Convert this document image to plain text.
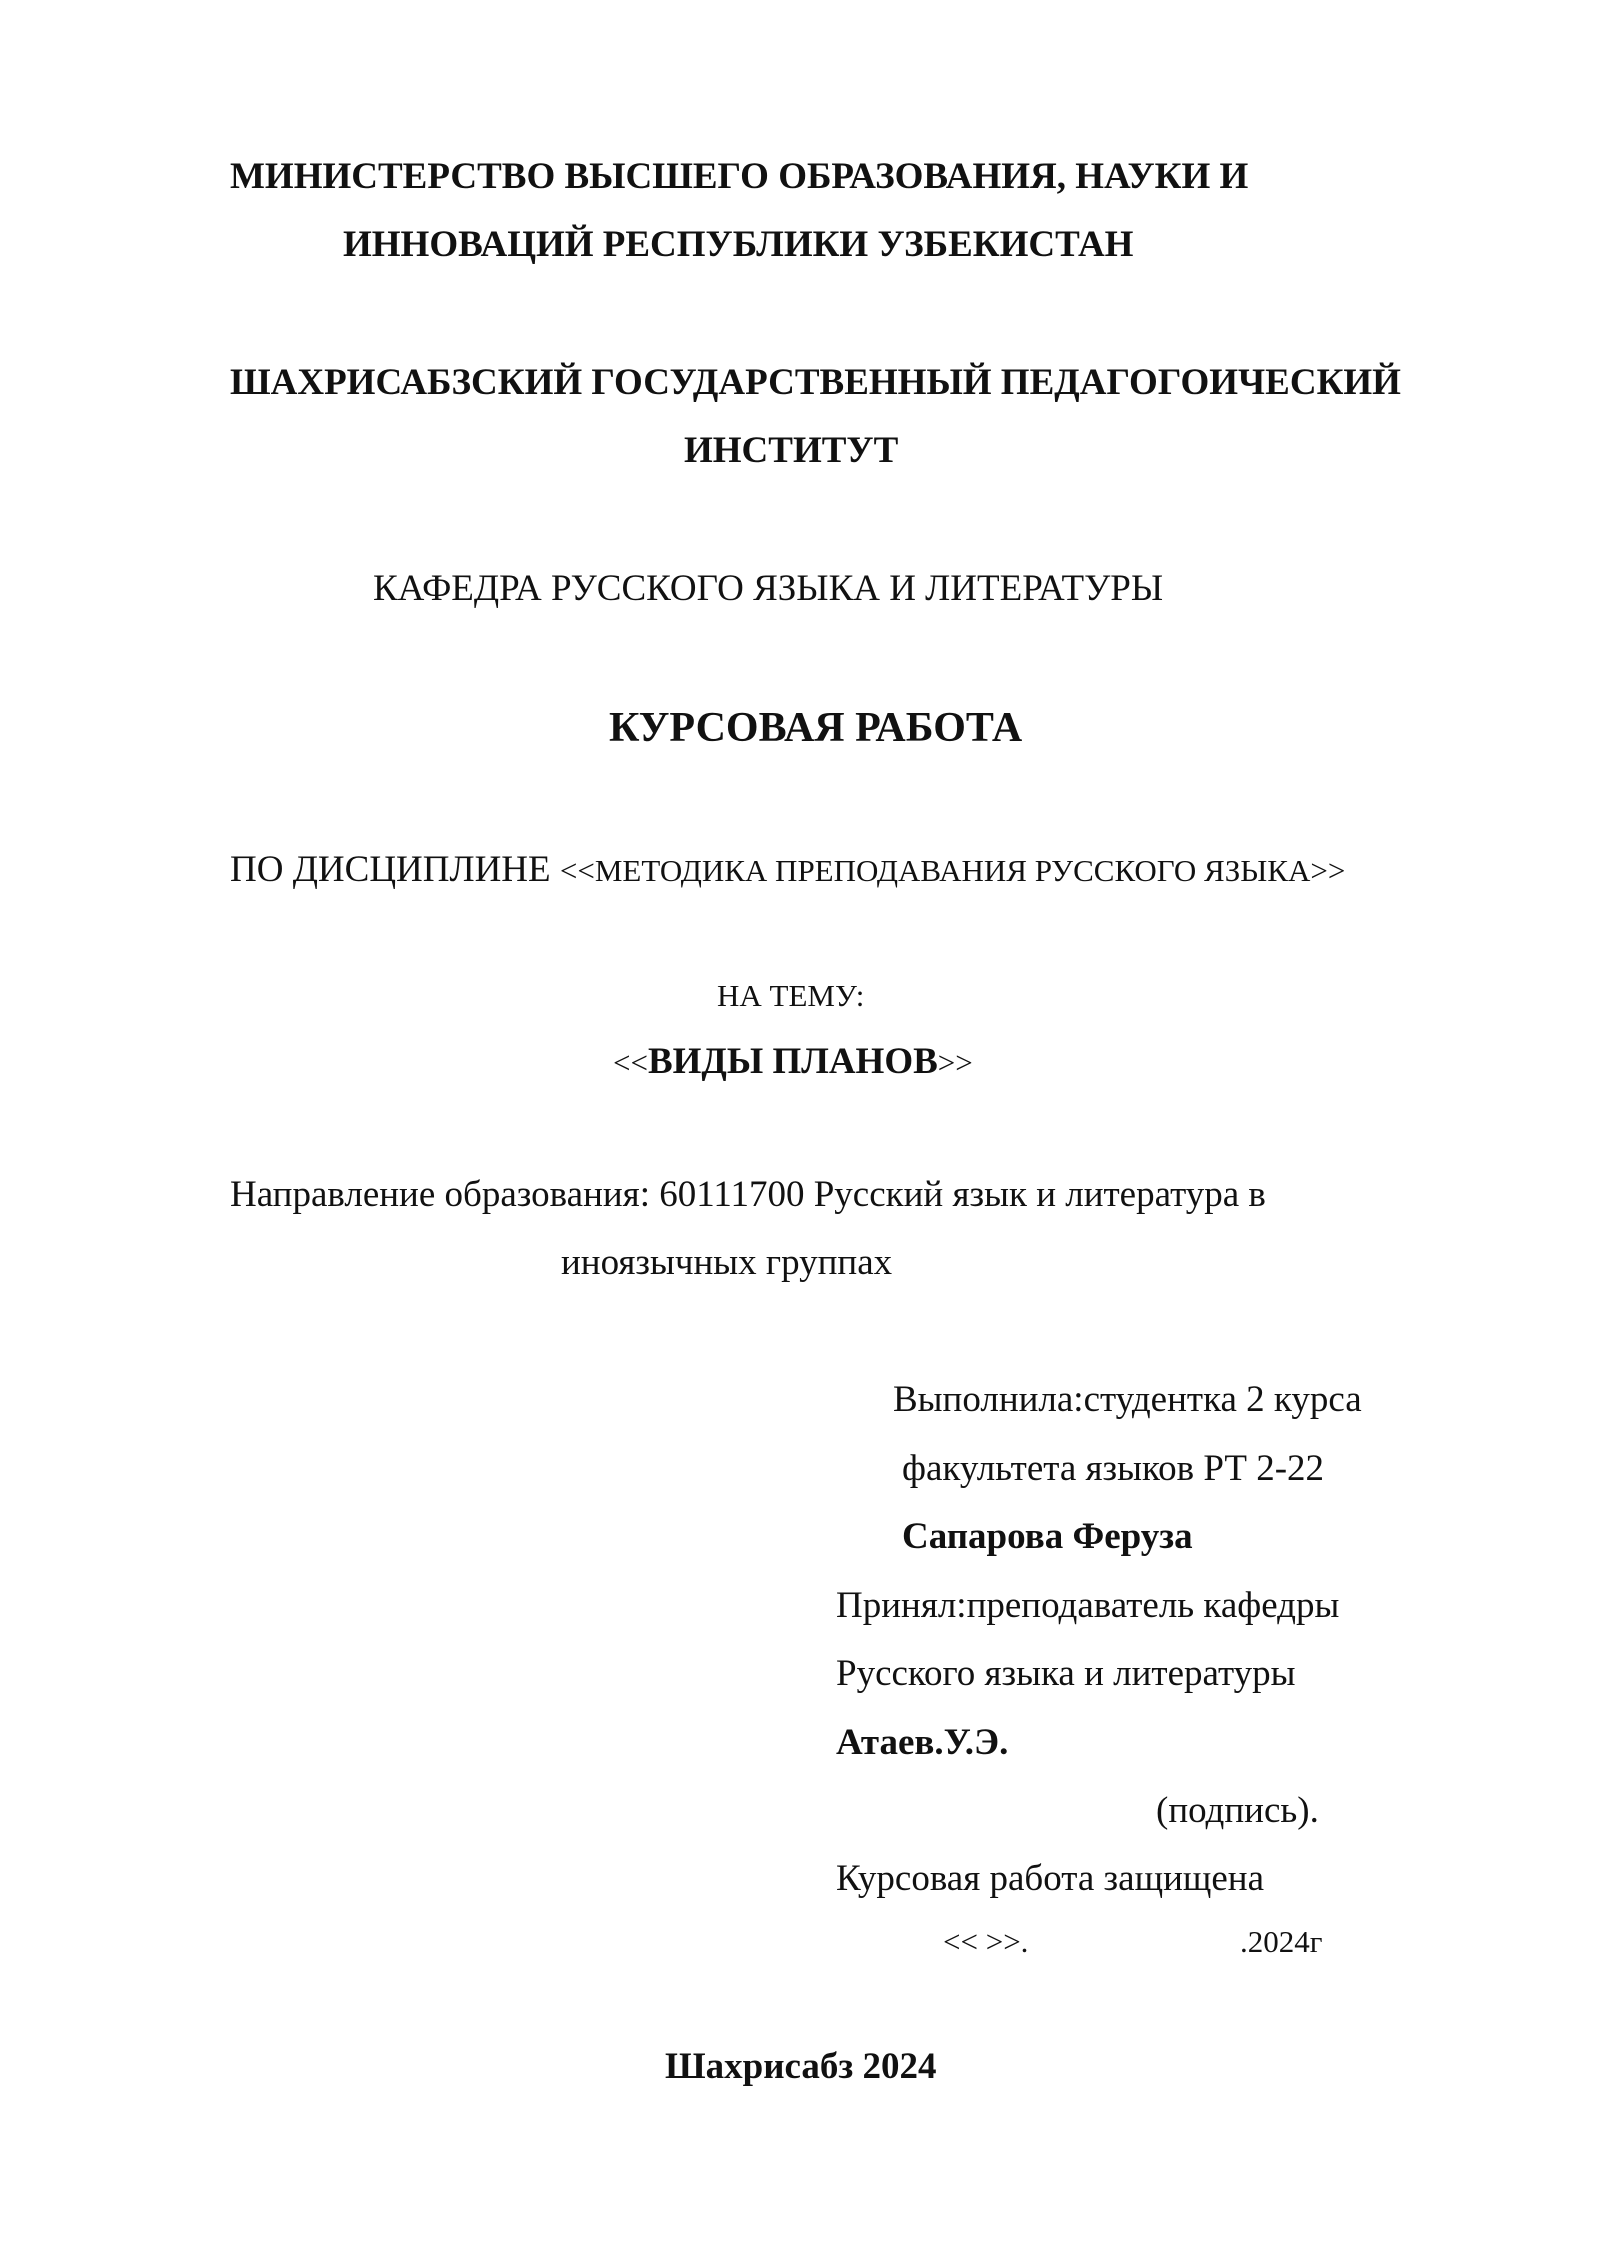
МИНИСТЕРСТВО ВЫСШЕГО ОБРАЗОВАНИЯ, НАУКИ И
ИННОВАЦИЙ РЕСПУБЛИКИ УЗБЕКИСТАН
ШАХРИСАБЗСКИЙ ГОСУДАРСТВЕННЫЙ ПЕДАГОГОИЧЕСКИЙ
ИНСТИТУТ
КАФЕДРА РУССКОГО ЯЗЫКА И ЛИТЕРАТУРЫ
КУРСОВАЯ РАБОТА
ПО ДИСЦИПЛИНЕ <<МЕТОДИКА ПРЕПОДАВАНИЯ РУССКОГО ЯЗЫКА>>
НА ТЕМУ:
<<ВИДЫ ПЛАНОВ>>
Направление образования: 60111700 Русский язык и литература в
иноязычных группах
Выполнила:студентка 2 курса
факультета языков РТ 2-22
Сапарова Феруза
Принял:преподаватель кафедры
Русского языка и литературы
Атаев.У.Э.
(подпись).
Курсовая работа защищена
<< >>.	.2024г
Шахрисабз 2024
